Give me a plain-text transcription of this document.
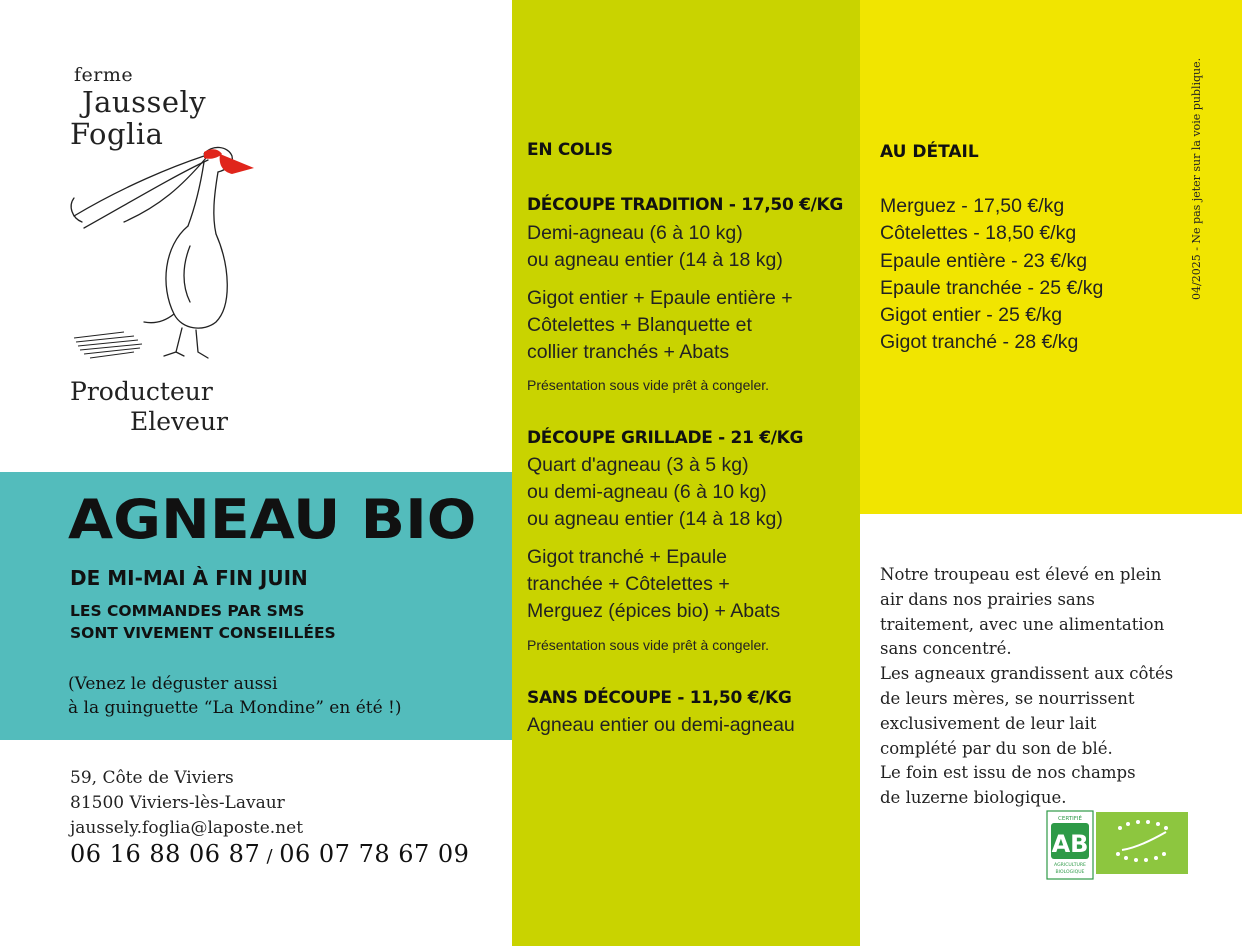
ferme
Jaussely
Foglia
Producteur
Eleveur
AGNEAU BIO
DE MI-MAI À FIN JUIN
LES COMMANDES PAR SMS
SONT VIVEMENT CONSEILLÉES
(Venez le déguster aussi
à la guinguette “La Mondine” en été !)
59, Côte de Viviers
81500 Viviers-lès-Lavaur
jaussely.foglia@laposte.net
06 16 88 06 87 / 06 07 78 67 09
EN COLIS
DÉCOUPE TRADITION - 17,50 €/KG
Demi-agneau (6 à 10 kg)
ou agneau entier (14 à 18 kg)
Gigot entier + Epaule entière +
Côtelettes + Blanquette et
collier tranchés + Abats
Présentation sous vide prêt à congeler.
DÉCOUPE GRILLADE - 21 €/KG
Quart d'agneau (3 à 5 kg)
ou demi-agneau (6 à 10 kg)
ou agneau entier (14 à 18 kg)
Gigot tranché + Epaule
tranchée + Côtelettes +
Merguez (épices bio) + Abats
Présentation sous vide prêt à congeler.
SANS DÉCOUPE - 11,50 €/KG
Agneau entier ou demi-agneau
AU DÉTAIL
Merguez - 17,50 €/kg
Côtelettes - 18,50 €/kg
Epaule entière - 23 €/kg
Epaule tranchée - 25 €/kg
Gigot entier - 25 €/kg
Gigot tranché - 28 €/kg
04/2025 - Ne pas jeter sur la voie publique.
Notre troupeau est élevé en plein
air dans nos prairies sans
traitement, avec une alimentation
sans concentré.
Les agneaux grandissent aux côtés
de leurs mères, se nourrissent
exclusivement de leur lait
complété par du son de blé.
Le foin est issu de nos champs
de luzerne biologique.
CERTIFIÉ
AB
AGRICULTURE
BIOLOGIQUE
